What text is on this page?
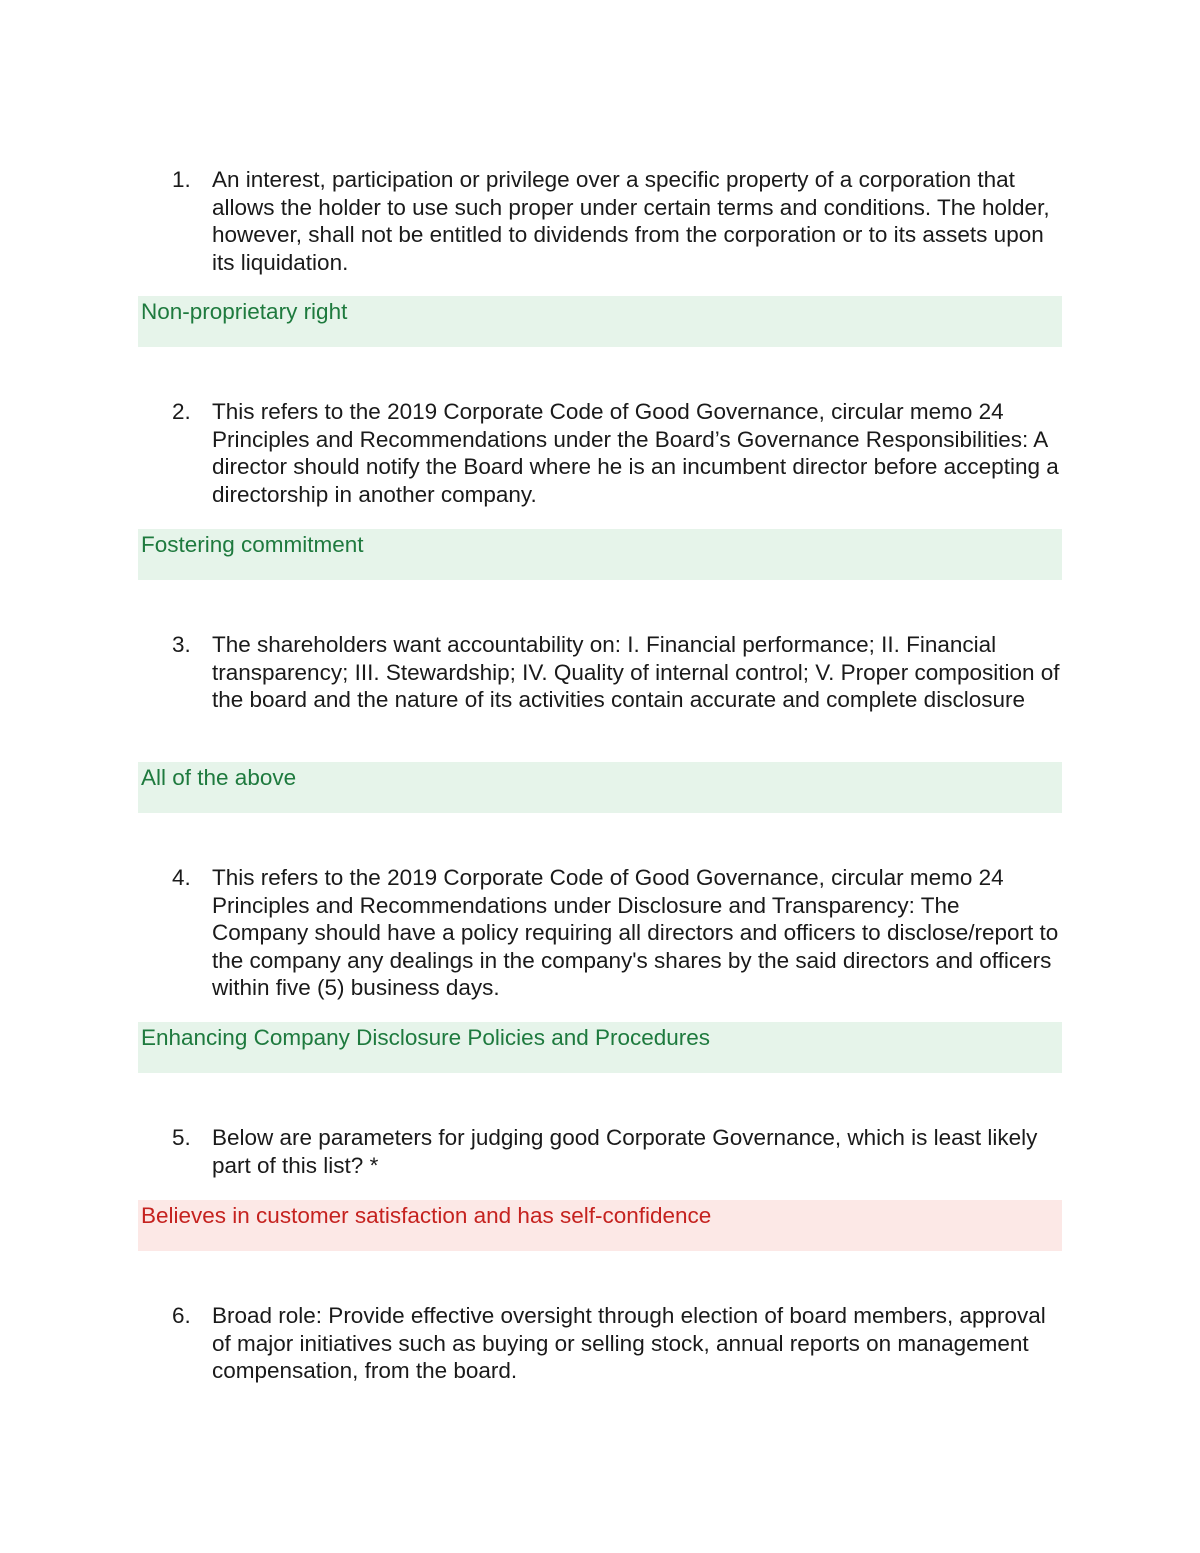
1. An interest, participation or privilege over a specific property of a corporation that allows the holder to use such proper under certain terms and conditions. The holder, however, shall not be entitled to dividends from the corporation or to its assets upon its liquidation.
Non-proprietary right
2. This refers to the 2019 Corporate Code of Good Governance, circular memo 24 Principles and Recommendations under the Board’s Governance Responsibilities: A director should notify the Board where he is an incumbent director before accepting a directorship in another company.
Fostering commitment
3. The shareholders want accountability on: I. Financial performance; II. Financial transparency; III. Stewardship; IV. Quality of internal control; V. Proper composition of the board and the nature of its activities contain accurate and complete disclosure
All of the above
4. This refers to the 2019 Corporate Code of Good Governance, circular memo 24 Principles and Recommendations under Disclosure and Transparency: The Company should have a policy requiring all directors and officers to disclose/report to the company any dealings in the company's shares by the said directors and officers within five (5) business days.
Enhancing Company Disclosure Policies and Procedures
5. Below are parameters for judging good Corporate Governance, which is least likely part of this list? *
Believes in customer satisfaction and has self-confidence
6. Broad role: Provide effective oversight through election of board members, approval of major initiatives such as buying or selling stock, annual reports on management compensation, from the board.
